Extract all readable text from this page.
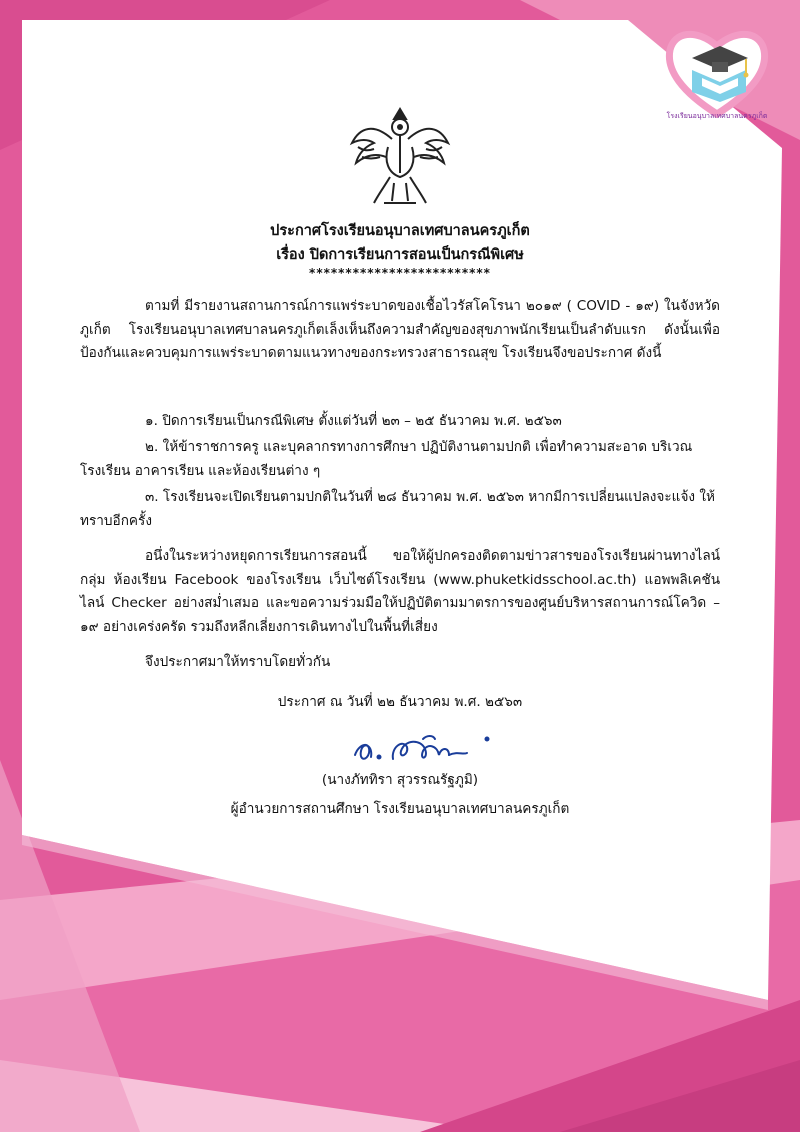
โรงเรียนอนุบาลเทศบาลนครภูเก็ต
ประกาศโรงเรียนอนุบาลเทศบาลนครภูเก็ต
เรื่อง ปิดการเรียนการสอนเป็นกรณีพิเศษ
*************************
ตามที่ มีรายงานสถานการณ์การแพร่ระบาดของเชื้อไวรัสโคโรนา ๒๐๑๙ ( COVID - ๑๙) ในจังหวัดภูเก็ต โรงเรียนอนุบาลเทศบาลนครภูเก็ตเล็งเห็นถึงความสำคัญของสุขภาพนักเรียนเป็นลำดับแรก ดังนั้นเพื่อป้องกันและควบคุมการแพร่ระบาดตามแนวทางของกระทรวงสาธารณสุข โรงเรียนจึงขอประกาศ ดังนี้
๑. ปิดการเรียนเป็นกรณีพิเศษ ตั้งแต่วันที่ ๒๓ – ๒๕ ธันวาคม พ.ศ. ๒๕๖๓
๒. ให้ข้าราชการครู และบุคลากรทางการศึกษา ปฏิบัติงานตามปกติ เพื่อทำความสะอาด บริเวณโรงเรียน อาคารเรียน และห้องเรียนต่าง ๆ
๓. โรงเรียนจะเปิดเรียนตามปกติในวันที่ ๒๘ ธันวาคม พ.ศ. ๒๕๖๓ หากมีการเปลี่ยนแปลงจะแจ้ง ให้ทราบอีกครั้ง
อนึ่งในระหว่างหยุดการเรียนการสอนนี้ ขอให้ผู้ปกครองติดตามข่าวสารของโรงเรียนผ่านทางไลน์กลุ่ม ห้องเรียน Facebook ของโรงเรียน เว็บไซต์โรงเรียน (www.phuketkidsschool.ac.th) แอพพลิเคชันไลน์ Checker อย่างสม่ำเสมอ และขอความร่วมมือให้ปฏิบัติตามมาตรการของศูนย์บริหารสถานการณ์โควิด – ๑๙ อย่างเคร่งครัด รวมถึงหลีกเลี่ยงการเดินทางไปในพื้นที่เสี่ยง
จึงประกาศมาให้ทราบโดยทั่วกัน
ประกาศ ณ วันที่ ๒๒ ธันวาคม พ.ศ. ๒๕๖๓
(นางภัททิรา สุวรรณรัฐภูมิ)
ผู้อำนวยการสถานศึกษา โรงเรียนอนุบาลเทศบาลนครภูเก็ต
